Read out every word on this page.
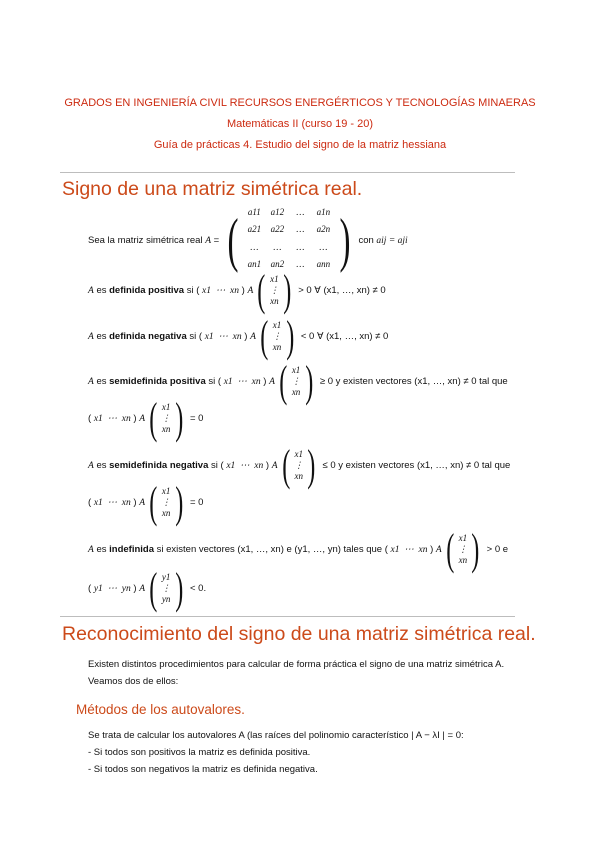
GRADOS EN INGENIERÍA CIVIL RECURSOS ENERGÉRTICOS Y TECNOLOGÍAS MINAERAS
Matemáticas II (curso 19 - 20)
Guía de prácticas 4. Estudio del signo de la matriz hessiana
Signo de una matriz simétrica real.
Sea la matriz simétrica real A = ( a11 a12 … a1n
a21 a22 … a2n
… … … …
an1 an2 … ann ) con aij = aji
A es definida positiva si ( x1  ⋯  xn ) A ( x1
⋮
xn ) > 0 ∀ (x1, …, xn) ≠ 0
A es definida negativa si ( x1  ⋯  xn ) A ( x1
⋮
xn ) < 0 ∀ (x1, …, xn) ≠ 0
A es semidefinida positiva si ( x1  ⋯  xn ) A ( x1
⋮
xn ) ≥ 0 y existen vectores (x1, …, xn) ≠ 0 tal que
( x1  ⋯  xn ) A ( x1
⋮
xn ) = 0
A es semidefinida negativa si ( x1  ⋯  xn ) A ( x1
⋮
xn ) ≤ 0 y existen vectores (x1, …, xn) ≠ 0 tal que
( x1  ⋯  xn ) A ( x1
⋮
xn ) = 0
A es indefinida si existen vectores (x1, …, xn) e (y1, …, yn) tales que ( x1  ⋯  xn ) A ( x1
⋮
xn ) > 0 e
( y1  ⋯  yn ) A ( y1
⋮
yn ) < 0.
Reconocimiento del signo de una matriz simétrica real.
Existen distintos procedimientos para calcular de forma práctica el signo de una matriz simétrica A.
Veamos dos de ellos:
Métodos de los autovalores.
Se trata de calcular los autovalores A (las raíces del polinomio característico | A − λI | = 0:
- Si todos son positivos la matriz es definida positiva.
- Si todos son negativos la matriz es definida negativa.
